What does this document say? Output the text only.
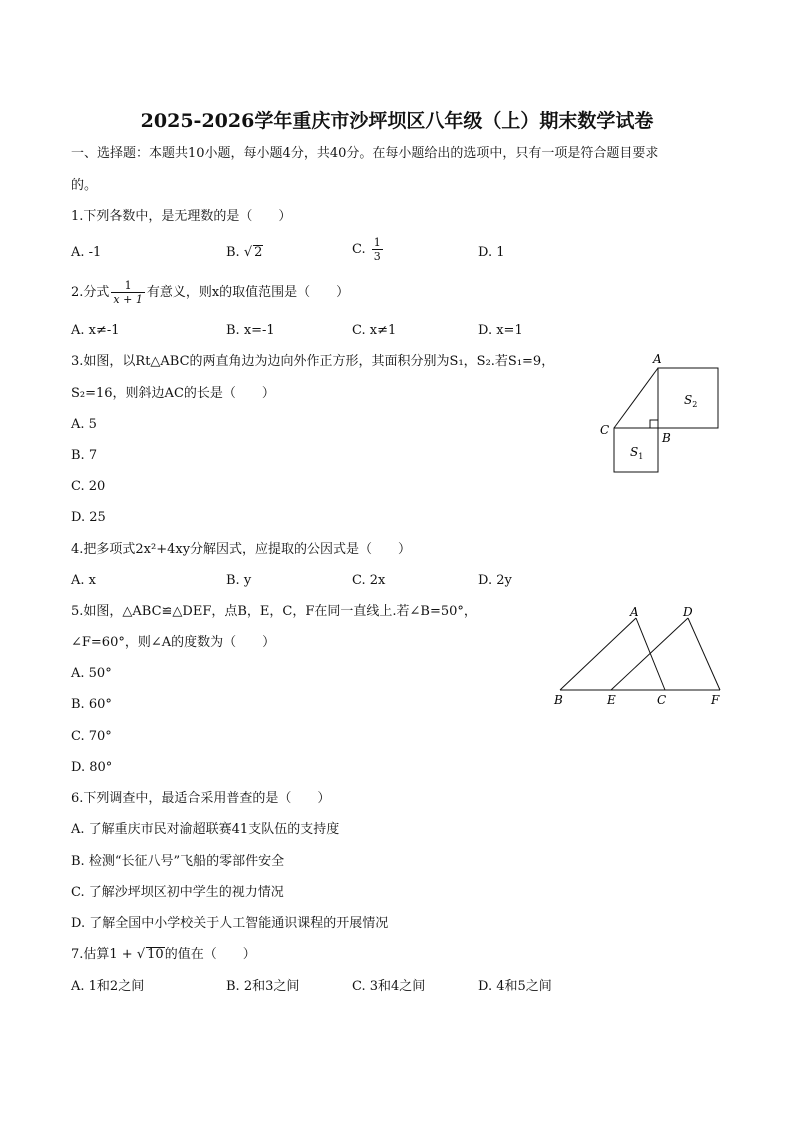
2025-2026学年重庆市沙坪坝区八年级（上）期末数学试卷
一、选择题：本题共10小题，每小题4分，共40分。在每小题给出的选项中，只有一项是符合题目要求
的。
1.下列各数中，是无理数的是（　　）
A. -1	B. √ 2	C. $\frac{1}{3}$	D. 1
2.分式 $\frac{1}{x + 1}$ 有意义，则x的取值范围是（　　）
A. x≠-1	B. x=-1	C. x≠1	D. x=1
3.如图，以Rt△ABC的两直角边为边向外作正方形，其面积分别为S₁，S₂.若S₁=9，
S₂=16，则斜边AC的长是（　　）
A. 5
B. 7
C. 20
D. 25
A
B
C
$S_2$
$S_1$
4.把多项式2x²+4xy分解因式，应提取的公因式是（　　）
A. x	B. y	C. 2x	D. 2y
5.如图，△ABC≌△DEF，点B，E，C，F在同一直线上.若∠B=50°，
∠F=60°，则∠A的度数为（　　）
A. 50°
B. 60°
C. 70°
D. 80°
A	D
B	E	C	F
6.下列调查中，最适合采用普查的是（　　）
A. 了解重庆市民对渝超联赛41支队伍的支持度
B. 检测“长征八号”飞船的零部件安全
C. 了解沙坪坝区初中学生的视力情况
D. 了解全国中小学校关于人工智能通识课程的开展情况
7.估算1 + √ 10的值在（　　）
A. 1和2之间	B. 2和3之间	C. 3和4之间	D. 4和5之间
